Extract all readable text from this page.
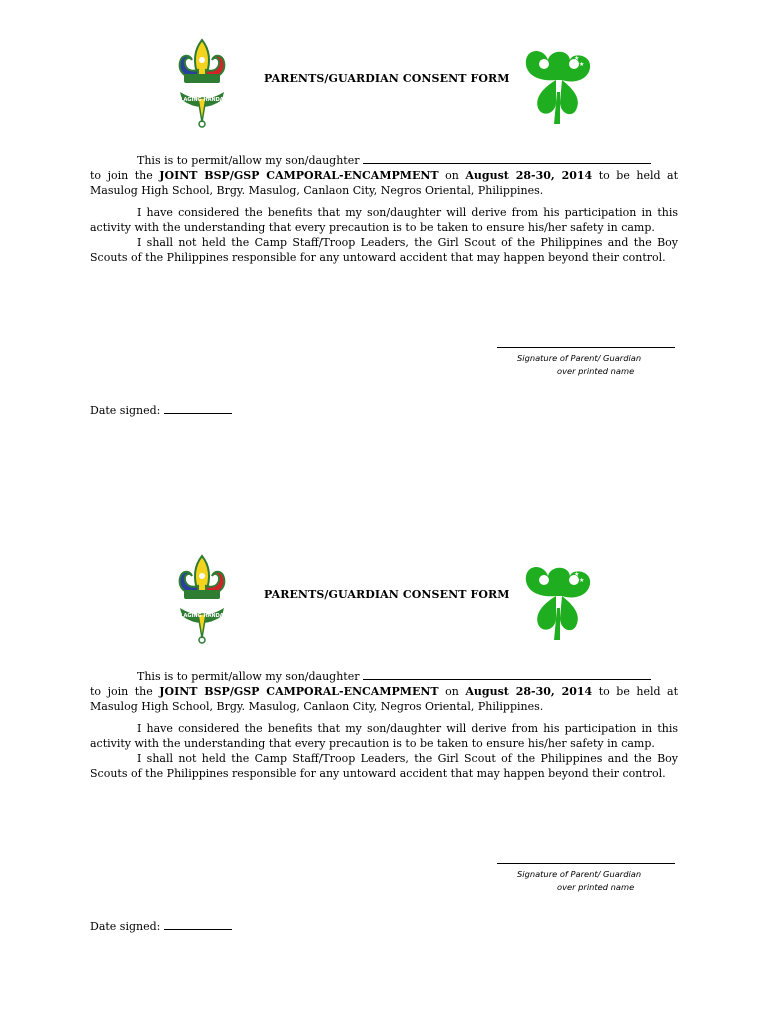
LAGING HANDA
PARENTS/GUARDIAN CONSENT FORM
★
★
★

This is to permit/allow my son/daughter

to join the JOINT BSP/GSP CAMPORAL-ENCAMPMENT on August 28-30, 2014 to be held at Masulog High School, Brgy. Masulog, Canlaon City, Negros Oriental, Philippines.

I have considered the benefits that my son/daughter will derive from his participation in this activity with the understanding that every precaution is to be taken to ensure his/her safety in camp.

I shall not held the Camp Staff/Troop Leaders, the Girl Scout of the Philippines and the Boy Scouts of the Philippines responsible for any untoward accident that may happen beyond their control.

Signature of Parent/ Guardian
over printed name
Date signed:
LAGING HANDA
PARENTS/GUARDIAN CONSENT FORM
★
★
★

This is to permit/allow my son/daughter

to join the JOINT BSP/GSP CAMPORAL-ENCAMPMENT on August 28-30, 2014 to be held at Masulog High School, Brgy. Masulog, Canlaon City, Negros Oriental, Philippines.

I have considered the benefits that my son/daughter will derive from his participation in this activity with the understanding that every precaution is to be taken to ensure his/her safety in camp.

I shall not held the Camp Staff/Troop Leaders, the Girl Scout of the Philippines and the Boy Scouts of the Philippines responsible for any untoward accident that may happen beyond their control.

Signature of Parent/ Guardian
over printed name
Date signed:
